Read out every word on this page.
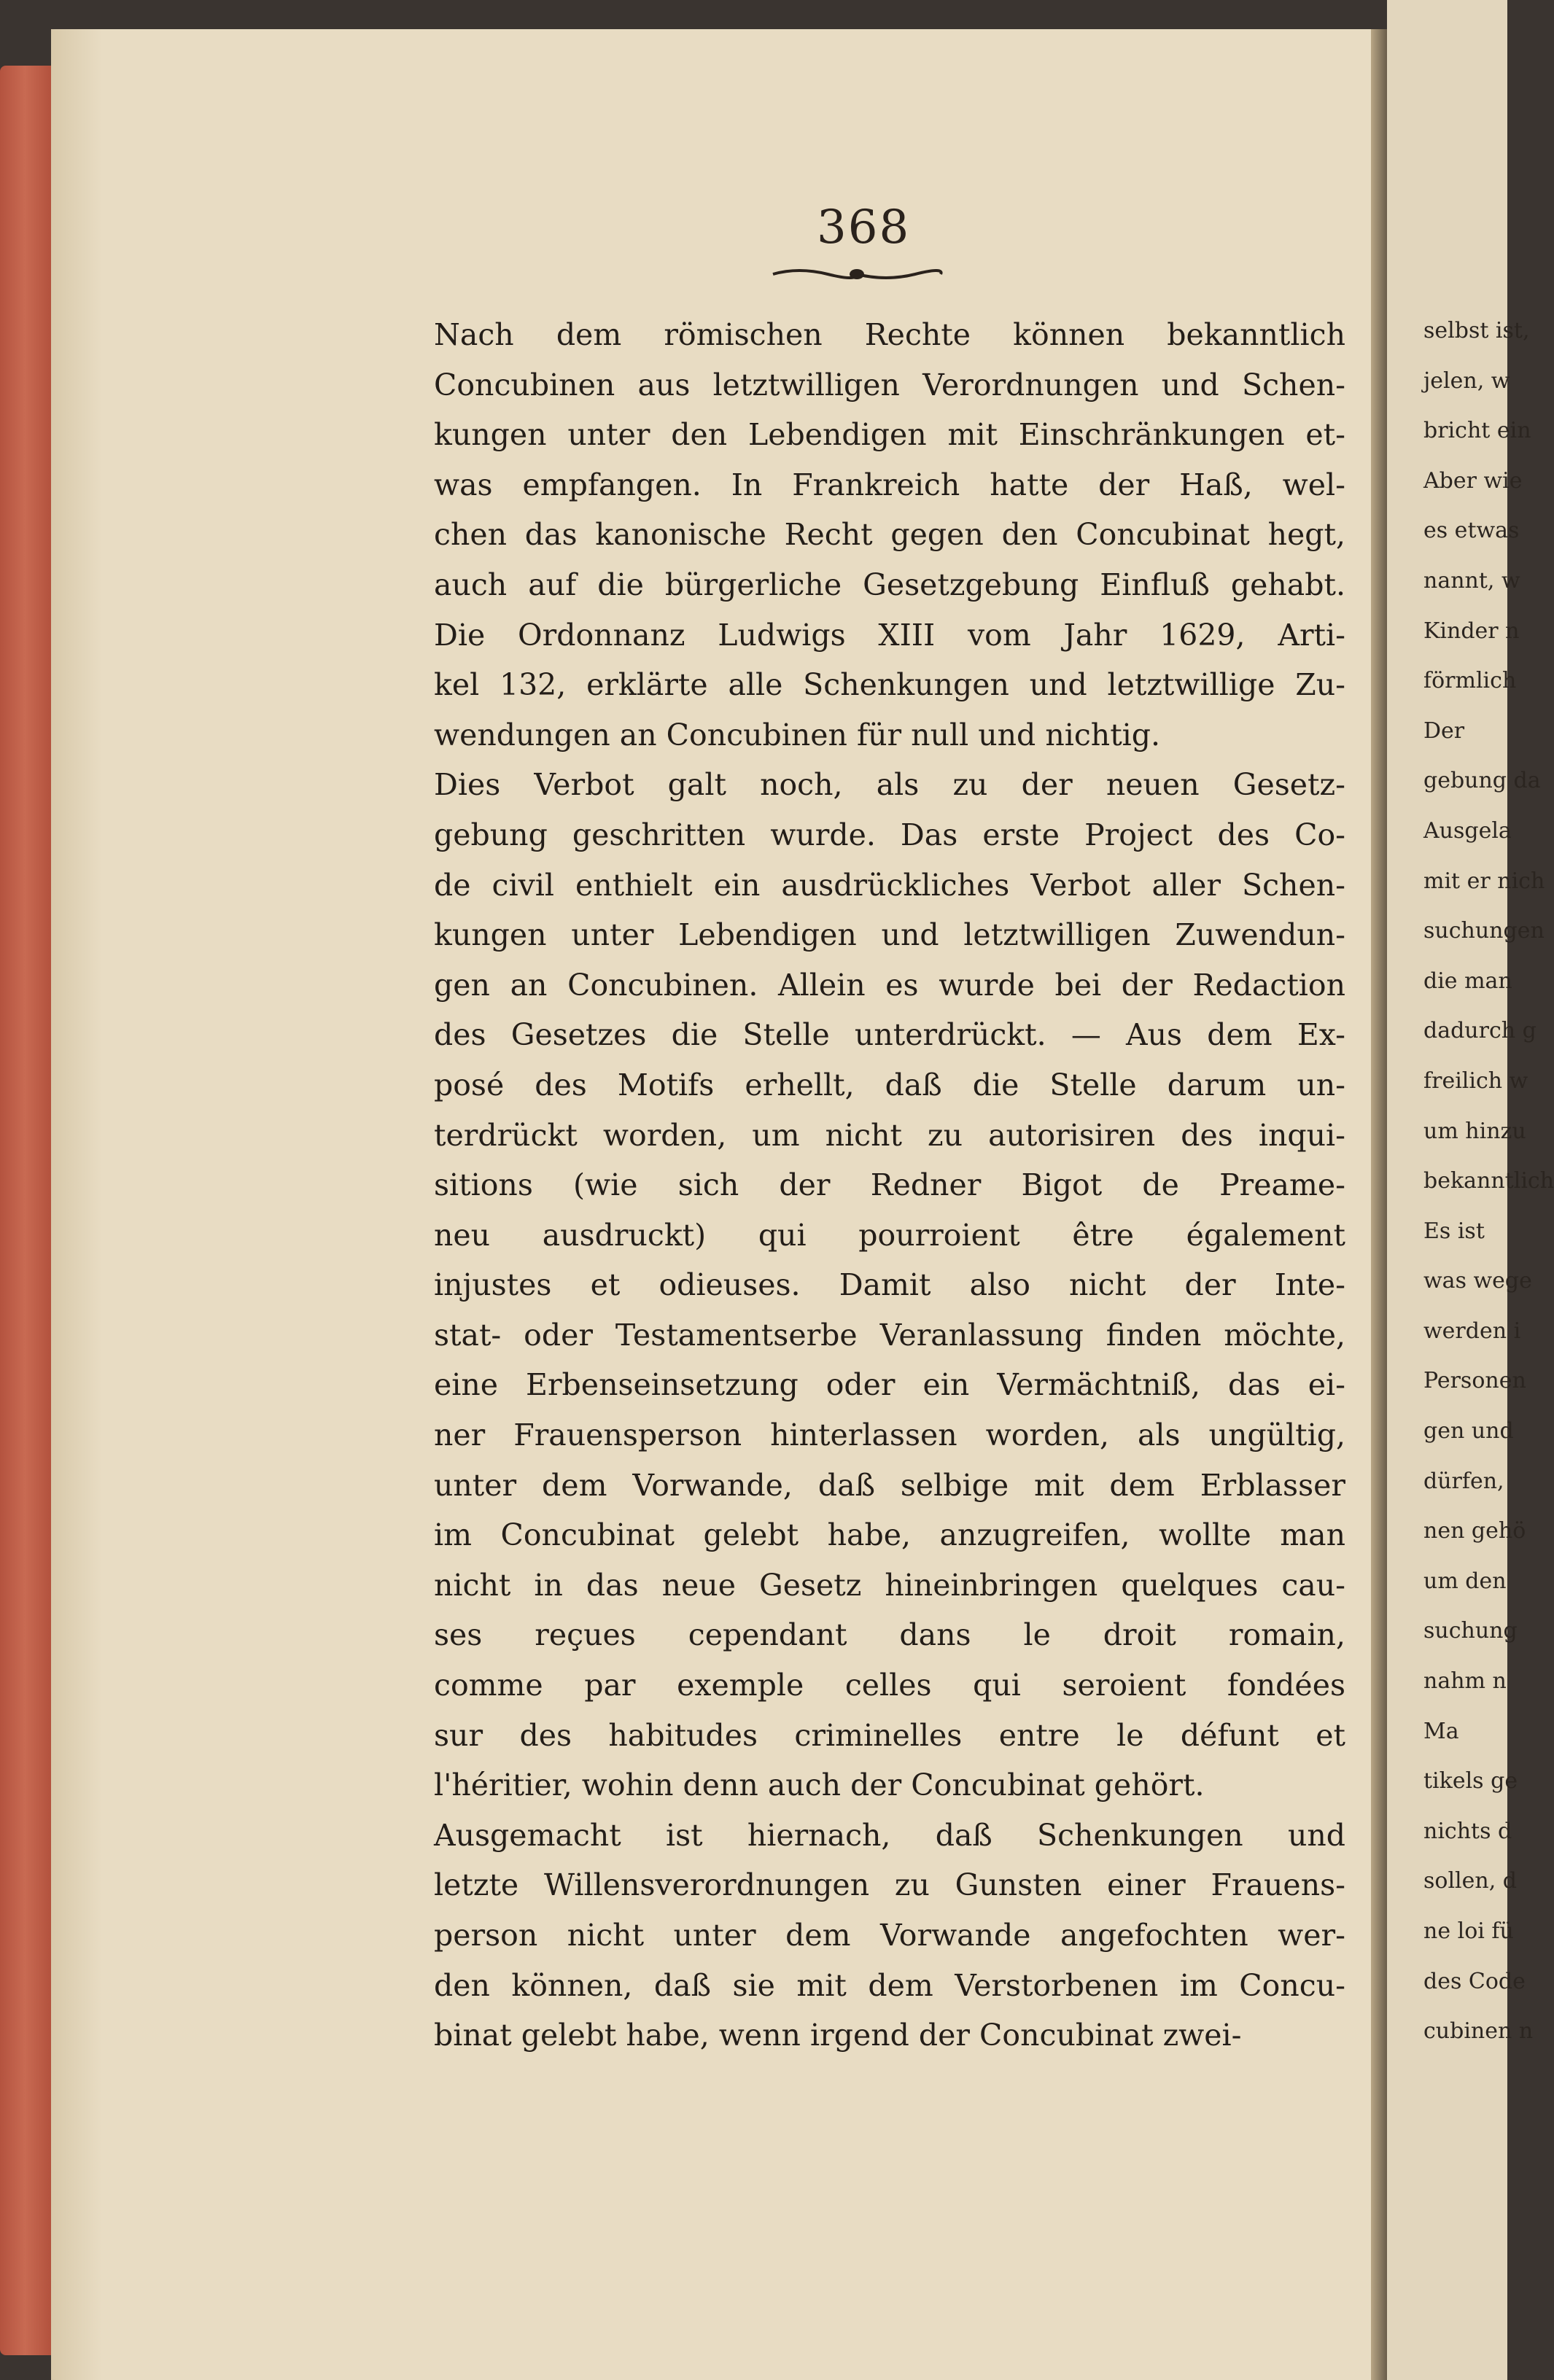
selbst ist,
jelen, w
bricht ein
Aber wie
es etwas
nannt, w
Kinder n
förmlich
Der
gebung da
Ausgela
mit er nich
suchungen
die man
dadurch g
freilich w
um hinzu
bekanntlich
Es ist
was wege
werden i
Personen
gen und
dürfen,
nen gehö
um den
suchung
nahm n
Ma
tikels ge
nichts d
sollen, d
ne loi fü
des Code
cubinen n
368
Nach dem römischen Rechte können bekanntlich
Concubinen aus letztwilligen Verordnungen und Schen-
kungen unter den Lebendigen mit Einschränkungen et-
was empfangen. In Frankreich hatte der Haß, wel-
chen das kanonische Recht gegen den Concubinat hegt,
auch auf die bürgerliche Gesetzgebung Einfluß gehabt.
Die Ordonnanz Ludwigs XIII vom Jahr 1629, Arti-
kel 132, erklärte alle Schenkungen und letztwillige Zu-
wendungen an Concubinen für null und nichtig.
Dies Verbot galt noch, als zu der neuen Gesetz-
gebung geschritten wurde. Das erste Project des Co-
de civil enthielt ein ausdrückliches Verbot aller Schen-
kungen unter Lebendigen und letztwilligen Zuwendun-
gen an Concubinen. Allein es wurde bei der Redaction
des Gesetzes die Stelle unterdrückt. — Aus dem Ex-
posé des Motifs erhellt, daß die Stelle darum un-
terdrückt worden, um nicht zu autorisiren des inqui-
sitions (wie sich der Redner Bigot de Preame-
neu ausdruckt) qui pourroient être également
injustes et odieuses. Damit also nicht der Inte-
stat- oder Testamentserbe Veranlassung finden möchte,
eine Erbenseinsetzung oder ein Vermächtniß, das ei-
ner Frauensperson hinterlassen worden, als ungültig,
unter dem Vorwande, daß selbige mit dem Erblasser
im Concubinat gelebt habe, anzugreifen, wollte man
nicht in das neue Gesetz hineinbringen quelques cau-
ses reçues cependant dans le droit romain,
comme par exemple celles qui seroient fondées
sur des habitudes criminelles entre le défunt et
l'héritier, wohin denn auch der Concubinat gehört.
Ausgemacht ist hiernach, daß Schenkungen und
letzte Willensverordnungen zu Gunsten einer Frauens-
person nicht unter dem Vorwande angefochten wer-
den können, daß sie mit dem Verstorbenen im Concu-
binat gelebt habe, wenn irgend der Concubinat zwei-
